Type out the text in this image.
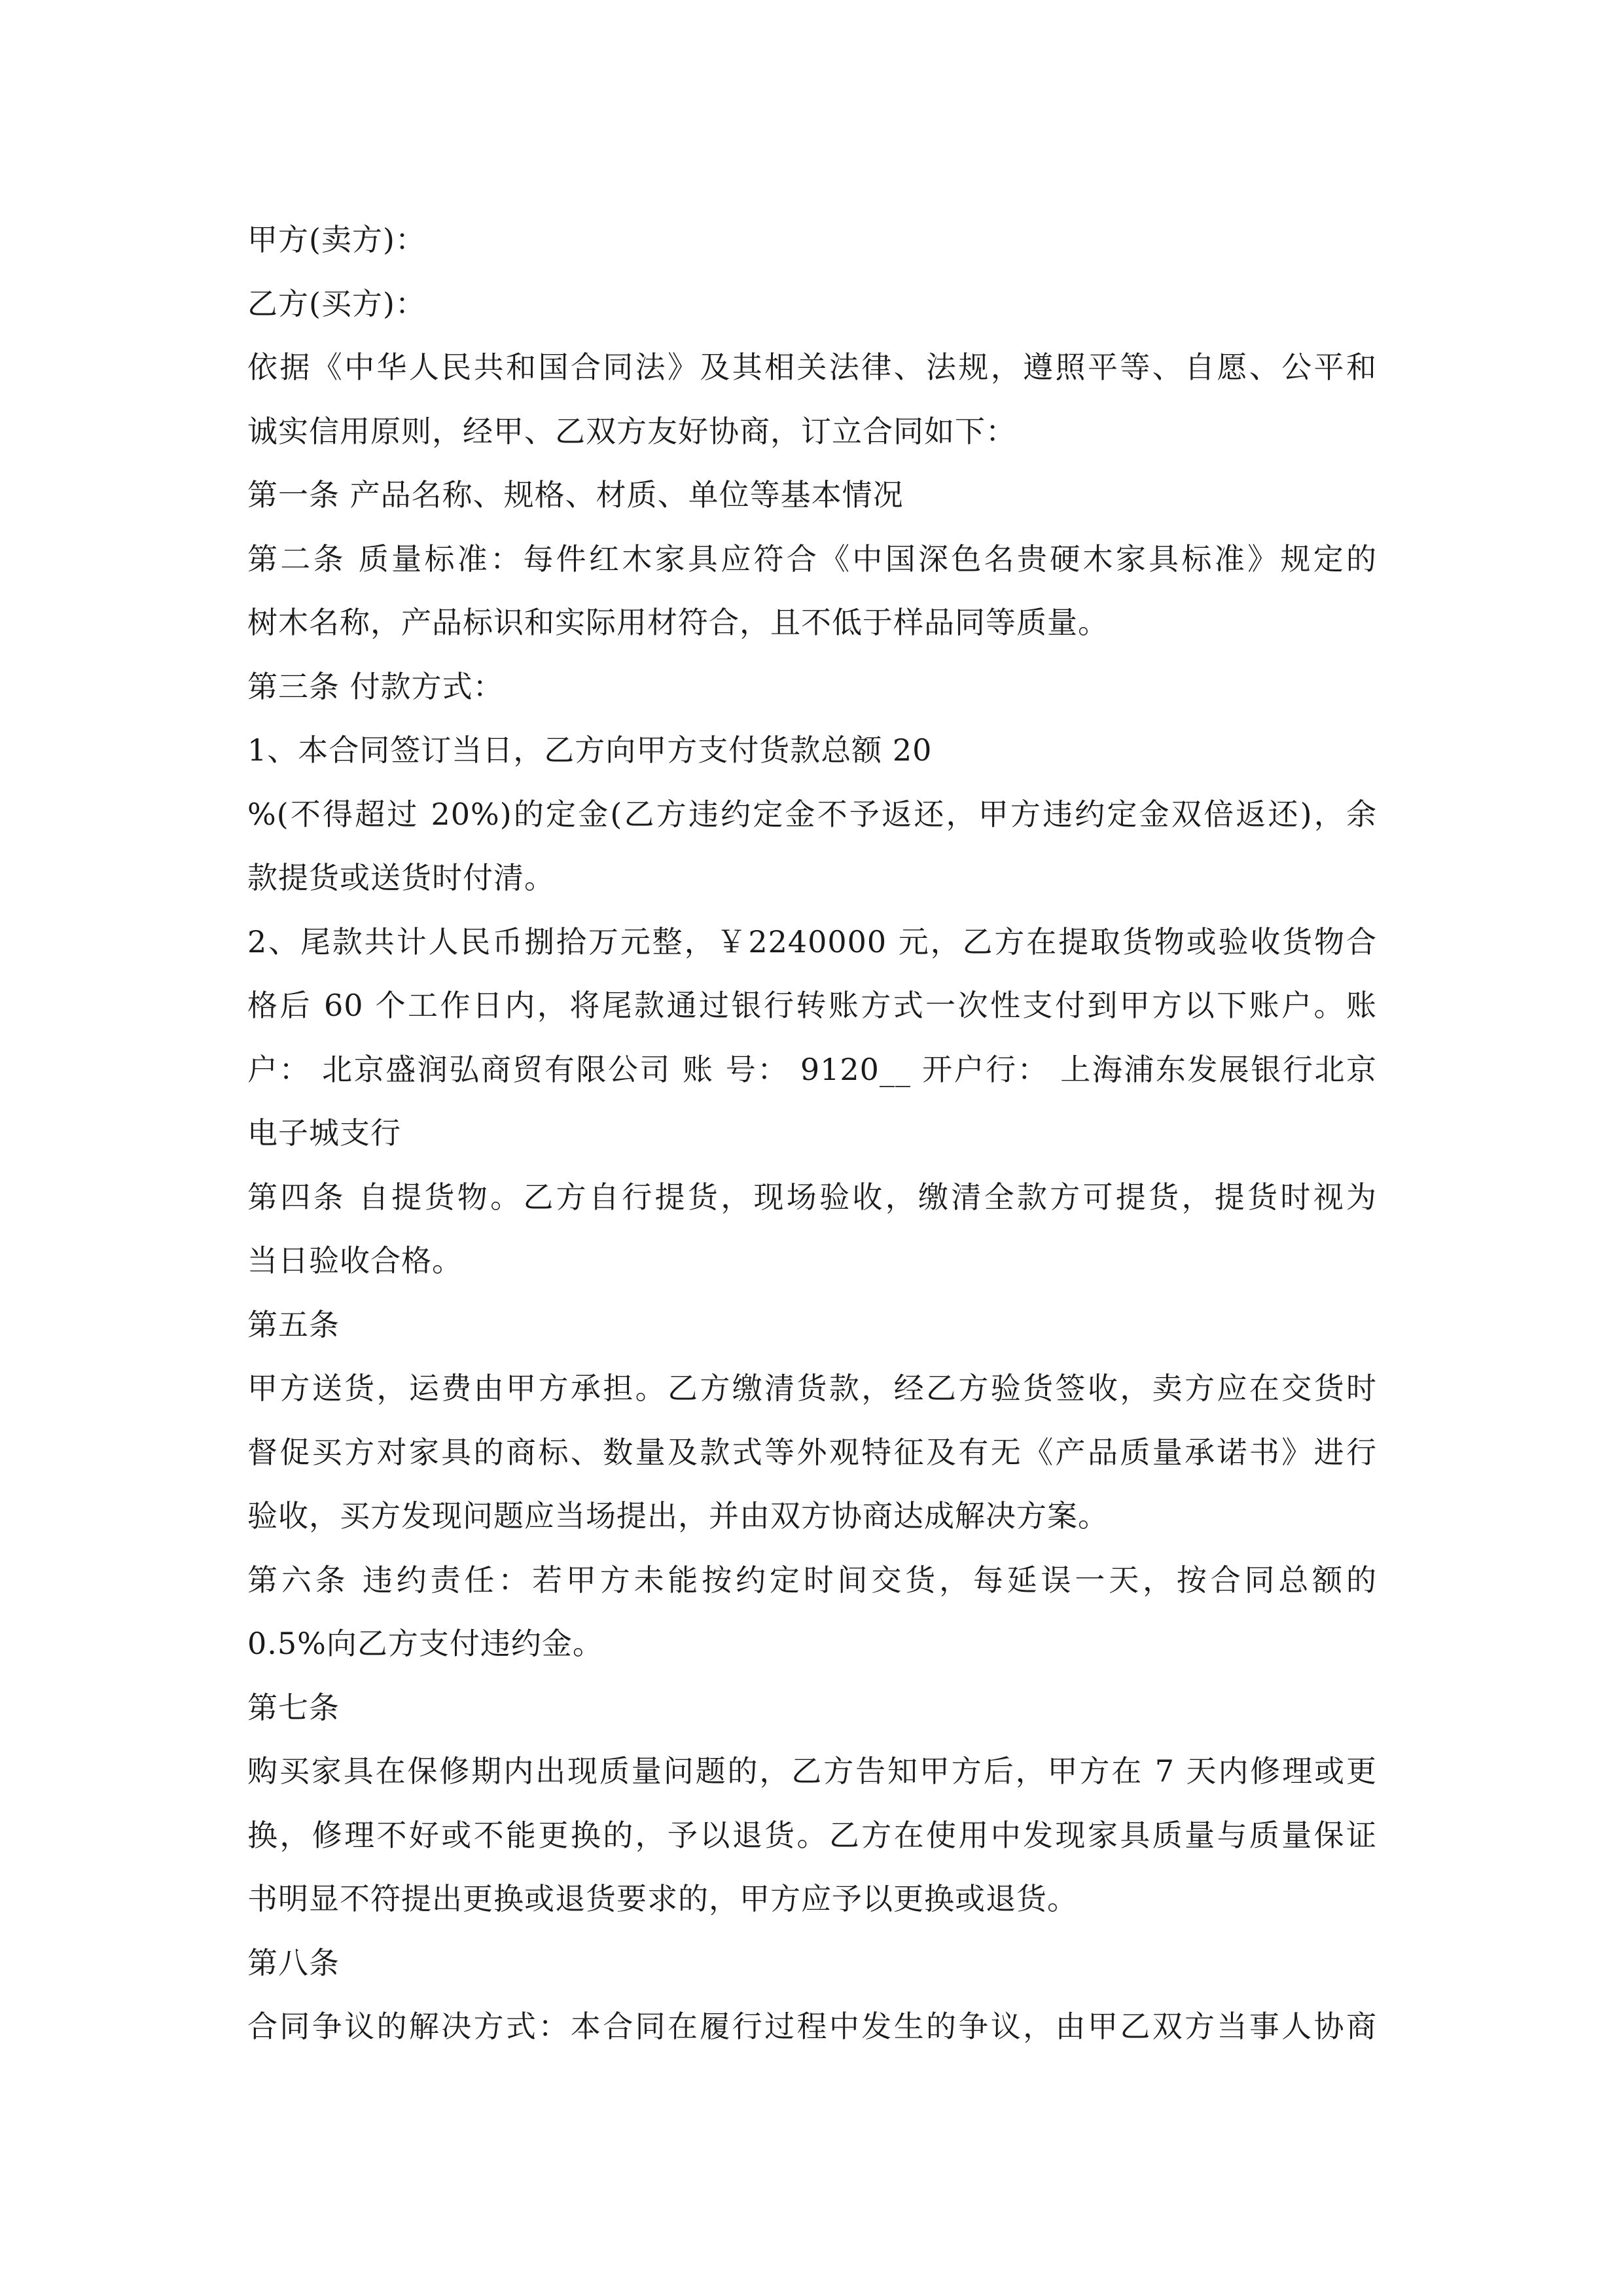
甲方(卖方)：
乙方(买方)：
依据《中华人民共和国合同法》及其相关法律、法规，遵照平等、自愿、公平和
诚实信用原则，经甲、乙双方友好协商，订立合同如下：
第一条 产品名称、规格、材质、单位等基本情况
第二条 质量标准：每件红木家具应符合《中国深色名贵硬木家具标准》规定的
树木名称，产品标识和实际用材符合，且不低于样品同等质量。
第三条 付款方式：
1、本合同签订当日，乙方向甲方支付货款总额 20
%(不得超过 20%)的定金(乙方违约定金不予返还，甲方违约定金双倍返还)，余
款提货或送货时付清。
2、尾款共计人民币捌拾万元整，￥2240000 元，乙方在提取货物或验收货物合
格后 60 个工作日内，将尾款通过银行转账方式一次性支付到甲方以下账户。账
户： 北京盛润弘商贸有限公司 账 号： 9120__ 开户行： 上海浦东发展银行北京
电子城支行
第四条 自提货物。乙方自行提货，现场验收，缴清全款方可提货，提货时视为
当日验收合格。
第五条
甲方送货，运费由甲方承担。乙方缴清货款，经乙方验货签收，卖方应在交货时
督促买方对家具的商标、数量及款式等外观特征及有无《产品质量承诺书》进行
验收，买方发现问题应当场提出，并由双方协商达成解决方案。
第六条 违约责任：若甲方未能按约定时间交货，每延误一天，按合同总额的
0.5%向乙方支付违约金。
第七条
购买家具在保修期内出现质量问题的，乙方告知甲方后，甲方在 7 天内修理或更
换，修理不好或不能更换的，予以退货。乙方在使用中发现家具质量与质量保证
书明显不符提出更换或退货要求的，甲方应予以更换或退货。
第八条
合同争议的解决方式：本合同在履行过程中发生的争议，由甲乙双方当事人协商
